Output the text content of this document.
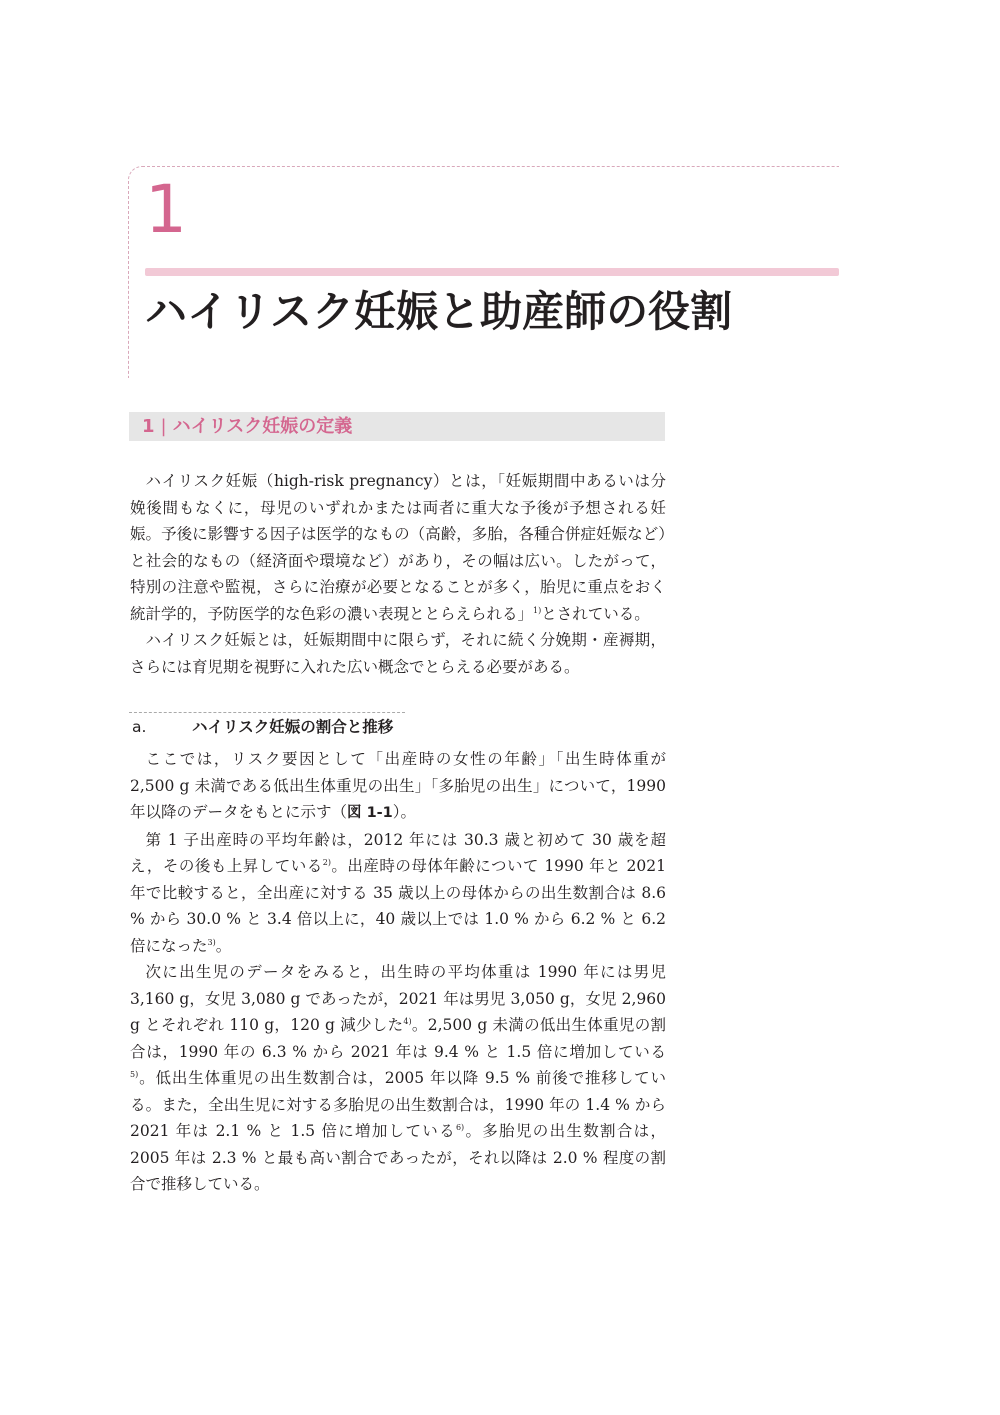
1
ハイリスク妊娠と助産師の役割
1 | ハイリスク妊娠の定義

ハイリスク妊娠（high-risk pregnancy）とは，「妊娠期間中あるいは分娩後間もなくに，母児のいずれかまたは両者に重大な予後が予想される妊娠。予後に影響する因子は医学的なもの（高齢，多胎，各種合併症妊娠など）と社会的なもの（経済面や環境など）があり，その幅は広い。したがって，特別の注意や監視，さらに治療が必要となることが多く，胎児に重点をおく統計学的，予防医学的な色彩の濃い表現ととらえられる」$^{1)}$とされている。

ハイリスク妊娠とは，妊娠期間中に限らず，それに続く分娩期・産褥期，さらには育児期を視野に入れた広い概念でとらえる必要がある。

a.	ハイリスク妊娠の割合と推移

ここでは，リスク要因として「出産時の女性の年齢」「出生時体重が 2,500 g 未満である低出生体重児の出生」「多胎児の出生」について，1990 年以降のデータをもとに示す（図 1-1）。

第 1 子出産時の平均年齢は，2012 年には 30.3 歳と初めて 30 歳を超え，その後も上昇している$^{2)}$。出産時の母体年齢について 1990 年と 2021 年で比較すると，全出産に対する 35 歳以上の母体からの出生数割合は 8.6 % から 30.0 % と 3.4 倍以上に，40 歳以上では 1.0 % から 6.2 % と 6.2 倍になった$^{3)}$。

次に出生児のデータをみると，出生時の平均体重は 1990 年には男児 3,160 g，女児 3,080 g であったが，2021 年は男児 3,050 g，女児 2,960 g とそれぞれ 110 g，120 g 減少した$^{4)}$。2,500 g 未満の低出生体重児の割合は，1990 年の 6.3 % から 2021 年は 9.4 % と 1.5 倍に増加している$^{5)}$。低出生体重児の出生数割合は，2005 年以降 9.5 % 前後で推移している。また，全出生児に対する多胎児の出生数割合は，1990 年の 1.4 % から 2021 年は 2.1 % と 1.5 倍に増加している$^{6)}$。多胎児の出生数割合は，2005 年は 2.3 % と最も高い割合であったが，それ以降は 2.0 % 程度の割合で推移している。
